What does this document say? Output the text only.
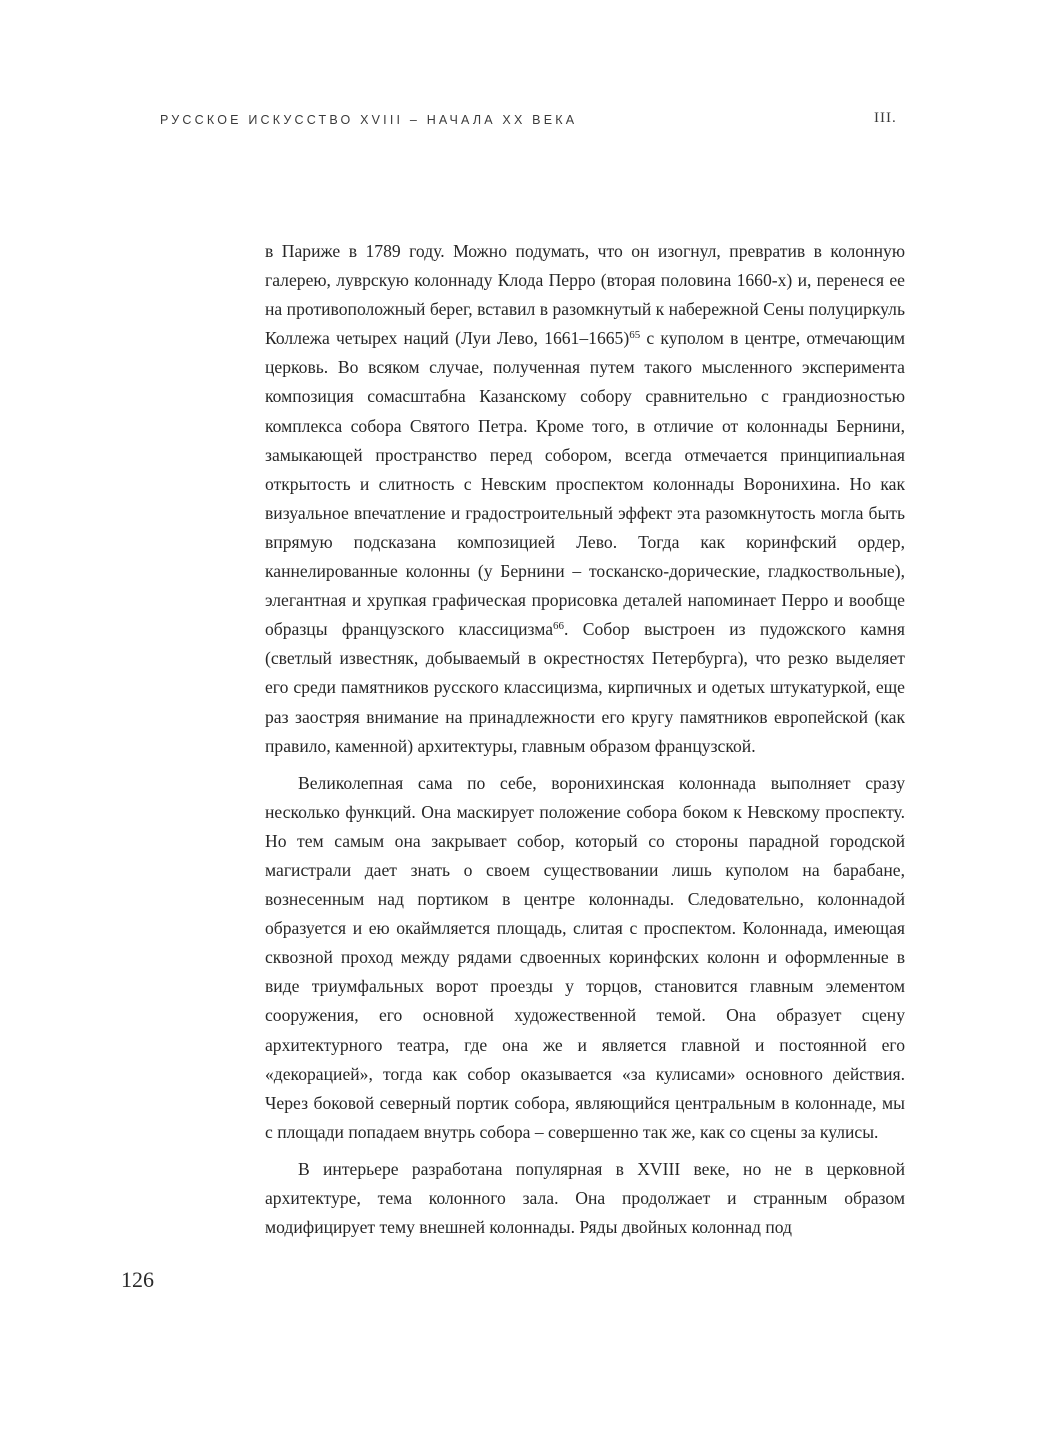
РУССКОЕ ИСКУССТВО XVIII – НАЧАЛА XX ВЕКА	III.

в Париже в 1789 году. Можно подумать, что он изогнул, превратив в колонную галерею, луврскую колоннаду Клода Перро (вторая половина 1660-х) и, перенеся ее на противоположный берег, вставил в разомкнутый к набережной Сены полуциркуль Коллежа четырех наций (Луи Лево, 1661–1665)$^{65}$ с куполом в центре, отмечающим церковь. Во всяком случае, полученная путем такого мысленного эксперимента композиция сомасштабна Казанскому собору сравнительно с грандиозностью комплекса собора Святого Петра. Кроме того, в отличие от колоннады Бернини, замыкающей пространство перед собором, всегда отмечается принципиальная открытость и слитность с Невским проспектом колоннады Воронихина. Но как визуальное впечатление и градостроительный эффект эта разомкнутость могла быть впрямую подсказана композицией Лево. Тогда как коринфский ордер, каннелированные колонны (у Бернини – тосканско-дорические, гладкоствольные), элегантная и хрупкая графическая прорисовка деталей напоминает Перро и вообще образцы французского классицизма$^{66}$. Собор выстроен из пудожского камня (светлый известняк, добываемый в окрестностях Петербурга), что резко выделяет его среди памятников русского классицизма, кирпичных и одетых штукатуркой, еще раз заостряя внимание на принадлежности его кругу памятников европейской (как правило, каменной) архитектуры, главным образом французской.

Великолепная сама по себе, воронихинская колоннада выполняет сразу несколько функций. Она маскирует положение собора боком к Невскому проспекту. Но тем самым она закрывает собор, который со стороны парадной городской магистрали дает знать о своем существовании лишь куполом на барабане, вознесенным над портиком в центре колоннады. Следовательно, колоннадой образуется и ею окаймляется площадь, слитая с проспектом. Колоннада, имеющая сквозной проход между рядами сдвоенных коринфских колонн и оформленные в виде триумфальных ворот проезды у торцов, становится главным элементом сооружения, его основной художественной темой. Она образует сцену архитектурного театра, где она же и является главной и постоянной его «декорацией», тогда как собор оказывается «за кулисами» основного действия. Через боковой северный портик собора, являющийся центральным в колоннаде, мы с площади попадаем внутрь собора – совершенно так же, как со сцены за кулисы.

В интерьере разработана популярная в XVIII веке, но не в церковной архитектуре, тема колонного зала. Она продолжает и странным образом модифицирует тему внешней колоннады. Ряды двойных колоннад под

126
